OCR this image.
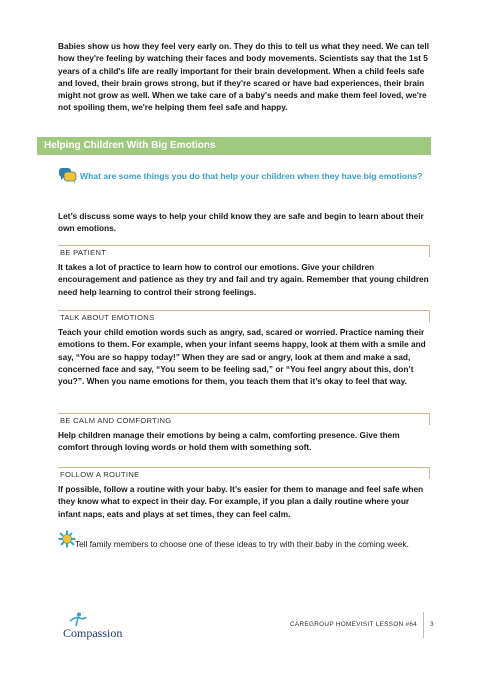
Babies show us how they feel very early on. They do this to tell us what they need. We can tell how they're feeling by watching their faces and body movements. Scientists say that the 1st 5 years of a child's life are really important for their brain development. When a child feels safe and loved, their brain grows strong, but if they're scared or have bad experiences, their brain might not grow as well. When we take care of a baby's needs and make them feel loved, we're not spoiling them, we're helping them feel safe and happy.

Helping Children With Big Emotions

What are some things you do that help your children when they have big emotions?

Let’s discuss some ways to help your child know they are safe and begin to learn about their own emotions.

BE PATIENT

It takes a lot of practice to learn how to control our emotions. Give your children encouragement and patience as they try and fail and try again. Remember that young children need help learning to control their strong feelings.

TALK ABOUT EMOTIONS

Teach your child emotion words such as angry, sad, scared or worried. Practice naming their emotions to them. For example, when your infant seems happy, look at them with a smile and say, “You are so happy today!” When they are sad or angry, look at them and make a sad, concerned face and say, “You seem to be feeling sad,” or “You feel angry about this, don’t you?”. When you name emotions for them, you teach them that it’s okay to feel that way.

BE CALM AND COMFORTING

Help children manage their emotions by being a calm, comforting presence. Give them comfort through loving words or hold them with something soft.

FOLLOW A ROUTINE

If possible, follow a routine with your baby. It’s easier for them to manage and feel safe when they know what to expect in their day. For example, if you plan a daily routine where your infant naps, eats and plays at set times, they can feel calm.

Tell family members to choose one of these ideas to try with their baby in the coming week.

Compassion
CAREGROUP HOMEVISIT LESSON #64 3
